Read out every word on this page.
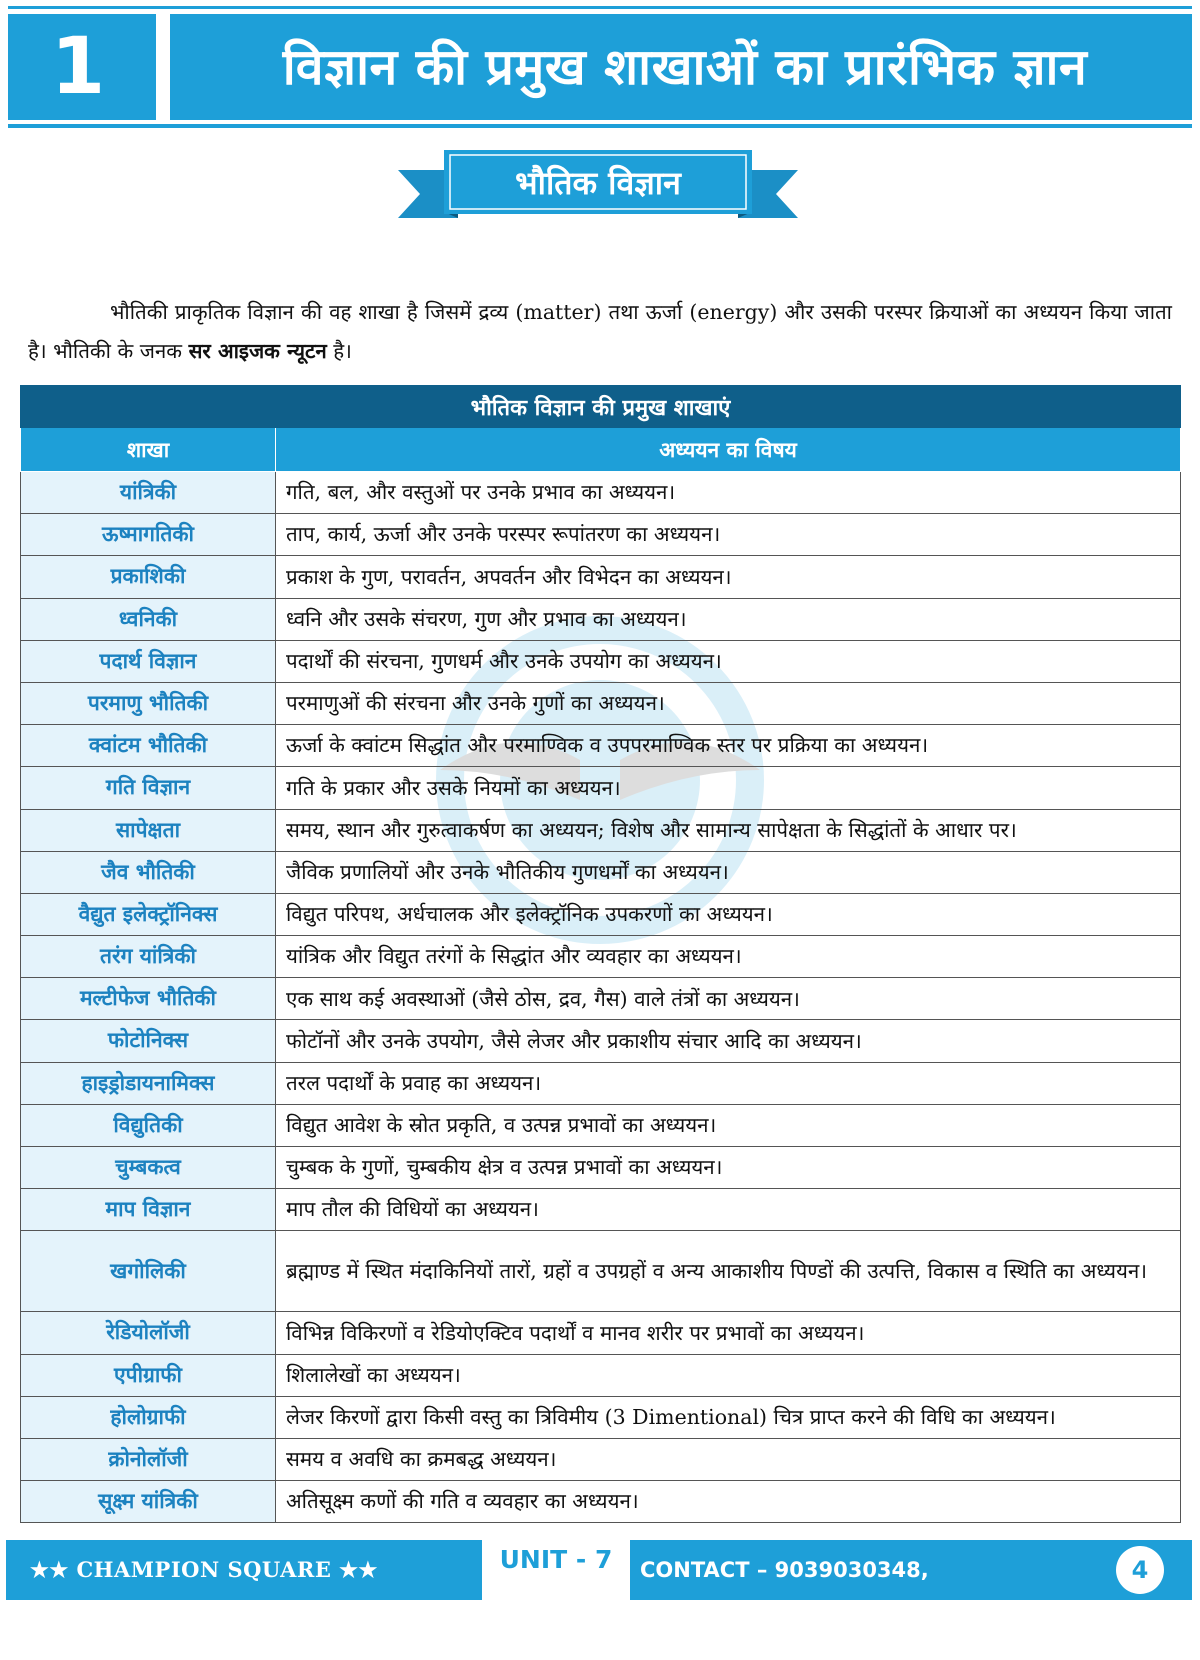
1	विज्ञान की प्रमुख शाखाओं का प्रारंभिक ज्ञान
भौतिक विज्ञान

भौतिकी प्राकृतिक विज्ञान की वह शाखा है जिसमें द्रव्य (matter) तथा ऊर्जा (energy) और उसकी परस्पर क्रियाओं का अध्ययन किया जाता है। भौतिकी के जनक सर आइजक न्यूटन है।

भौतिक विज्ञान की प्रमुख शाखाएं	
शाखा	अध्ययन का विषय
यांत्रिकी	गति, बल, और वस्तुओं पर उनके प्रभाव का अध्ययन।
ऊष्मागतिकी	ताप, कार्य, ऊर्जा और उनके परस्पर रूपांतरण का अध्ययन।
प्रकाशिकी	प्रकाश के गुण, परावर्तन, अपवर्तन और विभेदन का अध्ययन।
ध्वनिकी	ध्वनि और उसके संचरण, गुण और प्रभाव का अध्ययन।
पदार्थ विज्ञान	पदार्थों की संरचना, गुणधर्म और उनके उपयोग का अध्ययन।
परमाणु भौतिकी	परमाणुओं की संरचना और उनके गुणों का अध्ययन।
क्वांटम भौतिकी	ऊर्जा के क्वांटम सिद्धांत और परमाण्विक व उपपरमाण्विक स्तर पर प्रक्रिया का अध्ययन।
गति विज्ञान	गति के प्रकार और उसके नियमों का अध्ययन।
सापेक्षता	समय, स्थान और गुरुत्वाकर्षण का अध्ययन; विशेष और सामान्य सापेक्षता के सिद्धांतों के आधार पर।
जैव भौतिकी	जैविक प्रणालियों और उनके भौतिकीय गुणधर्मों का अध्ययन।
वैद्युत इलेक्ट्रॉनिक्स	विद्युत परिपथ, अर्धचालक और इलेक्ट्रॉनिक उपकरणों का अध्ययन।
तरंग यांत्रिकी	यांत्रिक और विद्युत तरंगों के सिद्धांत और व्यवहार का अध्ययन।
मल्टीफेज भौतिकी	एक साथ कई अवस्थाओं (जैसे ठोस, द्रव, गैस) वाले तंत्रों का अध्ययन।
फोटोनिक्स	फोटॉनों और उनके उपयोग, जैसे लेजर और प्रकाशीय संचार आदि का अध्ययन।
हाइड्रोडायनामिक्स	तरल पदार्थों के प्रवाह का अध्ययन।
विद्युतिकी	विद्युत आवेश के स्रोत प्रकृति, व उत्पन्न प्रभावों का अध्ययन।
चुम्बकत्व	चुम्बक के गुणों, चुम्बकीय क्षेत्र व उत्पन्न प्रभावों का अध्ययन।
माप विज्ञान	माप तौल की विधियों का अध्ययन।
खगोलिकी	ब्रह्माण्ड में स्थित मंदाकिनियों तारों, ग्रहों व उपग्रहों व अन्य आकाशीय पिण्डों की उत्पत्ति, विकास व स्थिति का अध्ययन।
रेडियोलॉजी	विभिन्न विकिरणों व रेडियोएक्टिव पदार्थों व मानव शरीर पर प्रभावों का अध्ययन।
एपीग्राफी	शिलालेखों का अध्ययन।
होलोग्राफी	लेजर किरणों द्वारा किसी वस्तु का त्रिविमीय (3 Dimentional) चित्र प्राप्त करने की विधि का अध्ययन।
क्रोनोलॉजी	समय व अवधि का क्रमबद्ध अध्ययन।
सूक्ष्म यांत्रिकी	अतिसूक्ष्म कणों की गति व व्यवहार का अध्ययन।
★★ CHAMPION SQUARE ★★	UNIT - 7	CONTACT – 9039030348, 9039030349
4
